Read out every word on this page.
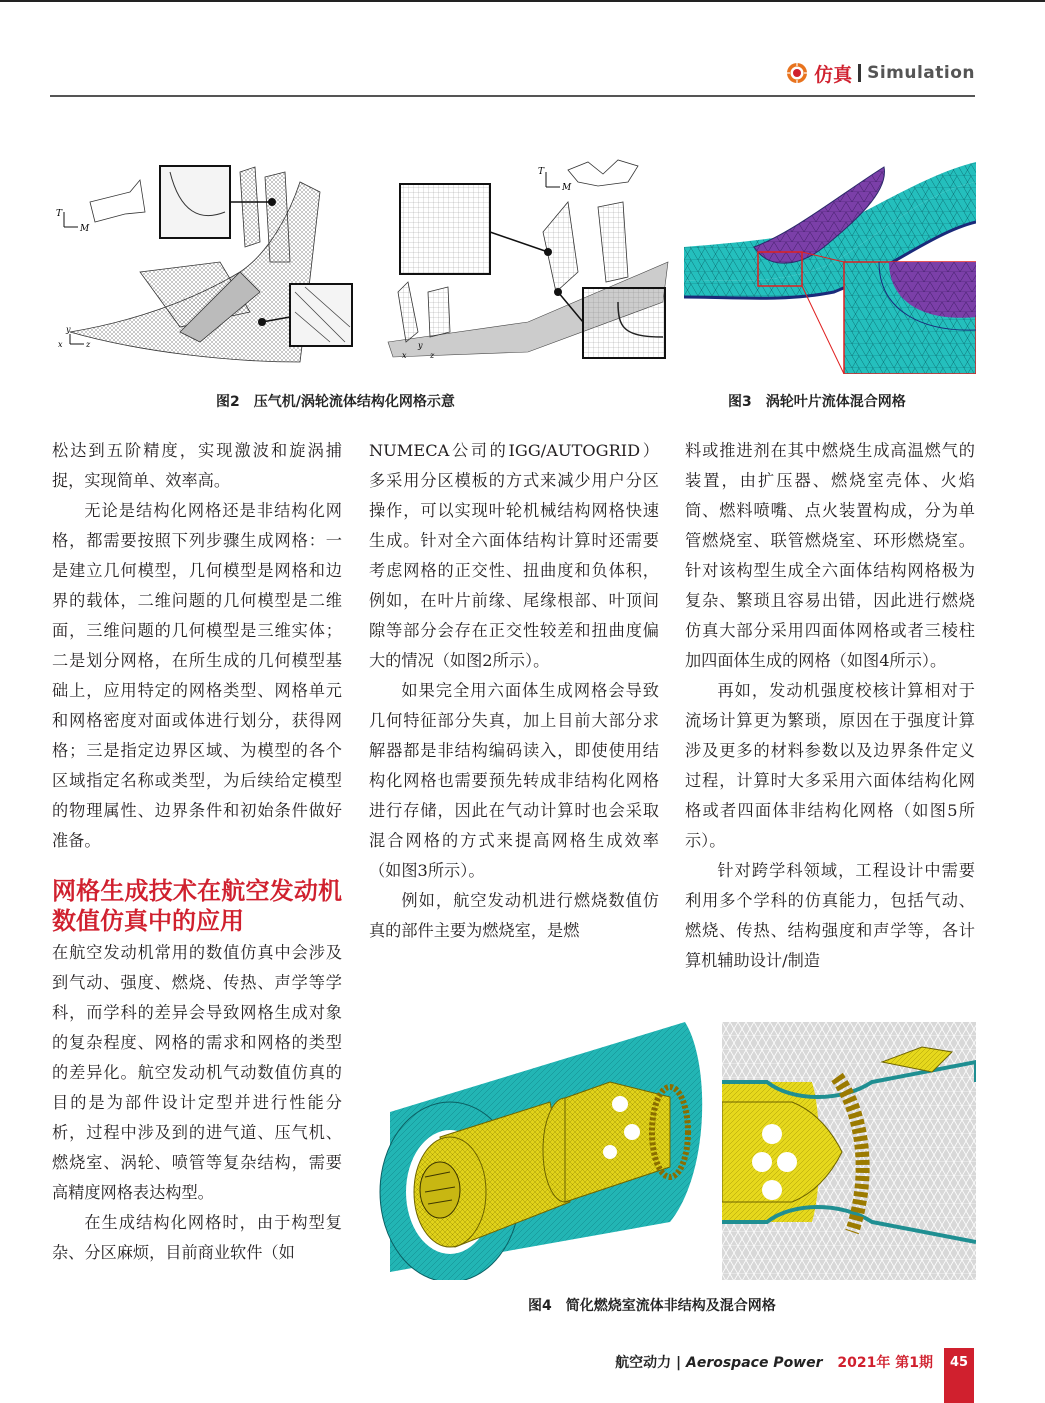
仿真 Simulation
T
M
y
x	z
T
M
x
y
z
图2　压气机/涡轮流体结构化网格示意	图3　涡轮叶片流体混合网格

松达到五阶精度，实现激波和旋涡捕捉，实现简单、效率高。

无论是结构化网格还是非结构化网格，都需要按照下列步骤生成网格：一是建立几何模型，几何模型是网格和边界的载体，二维问题的几何模型是二维面，三维问题的几何模型是三维实体；二是划分网格，在所生成的几何模型基础上，应用特定的网格类型、网格单元和网格密度对面或体进行划分，获得网格；三是指定边界区域、为模型的各个区域指定名称或类型，为后续给定模型的物理属性、边界条件和初始条件做好准备。

网格生成技术在航空发动机数值仿真中的应用

在航空发动机常用的数值仿真中会涉及到气动、强度、燃烧、传热、声学等学科，而学科的差异会导致网格生成对象的复杂程度、网格的需求和网格的类型的差异化。航空发动机气动数值仿真的目的是为部件设计定型并进行性能分析，过程中涉及到的进气道、压气机、燃烧室、涡轮、喷管等复杂结构，需要高精度网格表达构型。

在生成结构化网格时，由于构型复杂、分区麻烦，目前商业软件（如

NUMECA公司的IGG/AUTOGRID）多采用分区模板的方式来减少用户分区操作，可以实现叶轮机械结构网格快速生成。针对全六面体结构计算时还需要考虑网格的正交性、扭曲度和负体积，例如，在叶片前缘、尾缘根部、叶顶间隙等部分会存在正交性较差和扭曲度偏大的情况（如图2所示）。

如果完全用六面体生成网格会导致几何特征部分失真，加上目前大部分求解器都是非结构编码读入，即使使用结构化网格也需要预先转成非结构化网格进行存储，因此在气动计算时也会采取混合网格的方式来提高网格生成效率（如图3所示）。

例如，航空发动机进行燃烧数值仿真的部件主要为燃烧室，是燃

料或推进剂在其中燃烧生成高温燃气的装置，由扩压器、燃烧室壳体、火焰筒、燃料喷嘴、点火装置构成，分为单管燃烧室、联管燃烧室、环形燃烧室。针对该构型生成全六面体结构网格极为复杂、繁琐且容易出错，因此进行燃烧仿真大部分采用四面体网格或者三棱柱加四面体生成的网格（如图4所示）。

再如，发动机强度校核计算相对于流场计算更为繁琐，原因在于强度计算涉及更多的材料参数以及边界条件定义过程，计算时大多采用六面体结构化网格或者四面体非结构化网格（如图5所示）。

针对跨学科领域，工程设计中需要利用多个学科的仿真能力，包括气动、燃烧、传热、结构强度和声学等，各计算机辅助设计/制造

图4　简化燃烧室流体非结构及混合网格
航空动力 | Aerospace Power 2021年 第1期	45
